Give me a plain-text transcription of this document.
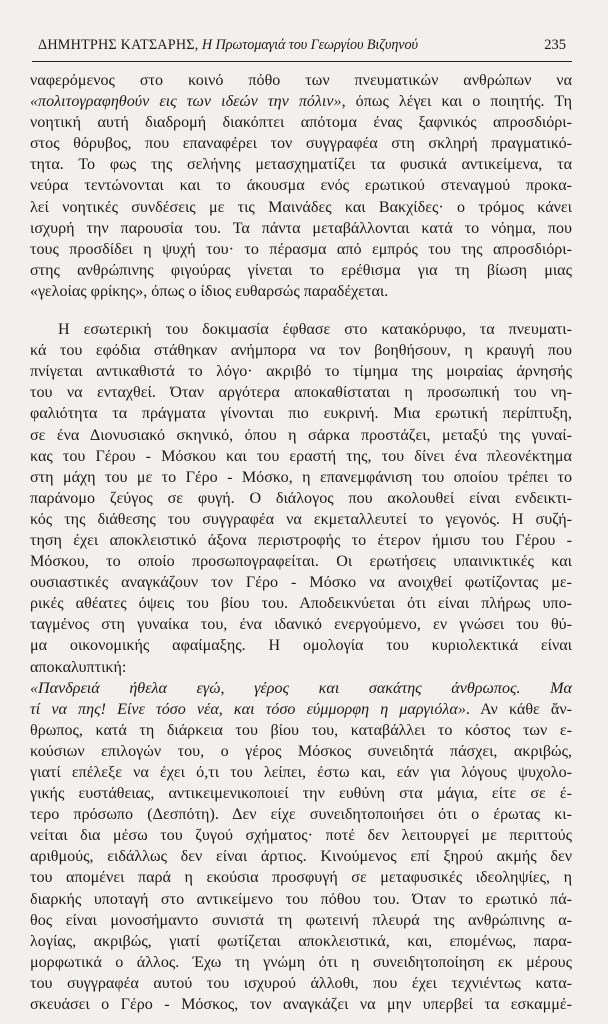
ΔΗΜΗΤΡΗΣ ΚΑΤΣΑΡΗΣ, Η Πρωτομαγιά του Γεωργίου Βιζυηνού	235
ναφερόμενος στο κοινό πόθο των πνευματικών ανθρώπων να
«πολιτογραφηθούν εις των ιδεών την πόλιν», όπως λέγει και ο ποιητής. Τη
νοητική αυτή διαδρομή διακόπτει απότομα ένας ξαφνικός απροσδιόρι-
στος θόρυβος, που επαναφέρει τον συγγραφέα στη σκληρή πραγματικό-
τητα. Το φως της σελήνης μετασχηματίζει τα φυσικά αντικείμενα, τα
νεύρα τεντώνονται και το άκουσμα ενός ερωτικού στεναγμού προκα-
λεί νοητικές συνδέσεις με τις Μαινάδες και Βακχίδες· ο τρόμος κάνει
ισχυρή την παρουσία του. Τα πάντα μεταβάλλονται κατά το νόημα, που
τους προσδίδει η ψυχή του· το πέρασμα από εμπρός του της απροσδιόρι-
στης ανθρώπινης φιγούρας γίνεται το ερέθισμα για τη βίωση μιας
«γελοίας φρίκης», όπως ο ίδιος ευθαρσώς παραδέχεται.
Η εσωτερική του δοκιμασία έφθασε στο κατακόρυφο, τα πνευματι-
κά του εφόδια στάθηκαν ανήμπορα να τον βοηθήσουν, η κραυγή που
πνίγεται αντικαθιστά το λόγο· ακριβό το τίμημα της μοιραίας άρνησής
του να ενταχθεί. Όταν αργότερα αποκαθίσταται η προσωπική του νη-
φαλιότητα τα πράγματα γίνονται πιο ευκρινή. Μια ερωτική περίπτυξη,
σε ένα Διονυσιακό σκηνικό, όπου η σάρκα προστάζει, μεταξύ της γυναί-
κας του Γέρου - Μόσκου και του εραστή της, του δίνει ένα πλεονέκτημα
στη μάχη του με το Γέρο - Μόσκο, η επανεμφάνιση του οποίου τρέπει το
παράνομο ζεύγος σε φυγή. Ο διάλογος που ακολουθεί είναι ενδεικτι-
κός της διάθεσης του συγγραφέα να εκμεταλλευτεί το γεγονός. Η συζή-
τηση έχει αποκλειστικό άξονα περιστροφής το έτερον ήμισυ του Γέρου -
Μόσκου, το οποίο προσωπογραφείται. Οι ερωτήσεις υπαινικτικές και
ουσιαστικές αναγκάζουν τον Γέρο - Μόσκο να ανοιχθεί φωτίζοντας με-
ρικές αθέατες όψεις του βίου του. Αποδεικνύεται ότι είναι πλήρως υπο-
ταγμένος στη γυναίκα του, ένα ιδανικό ενεργούμενο, εν γνώσει του θύ-
μα οικονομικής αφαίμαξης. Η ομολογία του κυριολεκτικά είναι
αποκαλυπτική:
«Πανδρειά ήθελα εγώ, γέρος και σακάτης άνθρωπος. Μα
τί να πης! Είνε τόσο νέα, και τόσο εύμμορφη η μαργιόλα». Αν κάθε ἄν-
θρωπος, κατά τη διάρκεια του βίου του, καταβάλλει το κόστος των ε-
κούσιων επιλογών του, ο γέρος Μόσκος συνειδητά πάσχει, ακριβώς,
γιατί επέλεξε να έχει ό,τι του λείπει, έστω και, εάν για λόγους ψυχολο-
γικής ευστάθειας, αντικειμενικοποιεί την ευθύνη στα μάγια, είτε σε έ-
τερο πρόσωπο (Δεσπότη). Δεν είχε συνειδητοποιήσει ότι ο έρωτας κι-
νείται δια μέσω του ζυγού σχήματος· ποτέ δεν λειτουργεί με περιττούς
αριθμούς, ειδάλλως δεν είναι άρτιος. Κινούμενος επί ξηρού ακμής δεν
του απομένει παρά η εκούσια προσφυγή σε μεταφυσικές ιδεοληψίες, η
διαρκής υποταγή στο αντικείμενο του πόθου του. Όταν το ερωτικό πά-
θος είναι μονοσήμαντο συνιστά τη φωτεινή πλευρά της ανθρώπινης α-
λογίας, ακριβώς, γιατί φωτίζεται αποκλειστικά, και, επομένως, παρα-
μορφωτικά ο άλλος. Έχω τη γνώμη ότι η συνειδητοποίηση εκ μέρους
του συγγραφέα αυτού του ισχυρού άλλοθι, που έχει τεχνιέντως κατα-
σκευάσει ο Γέρο - Μόσκος, τον αναγκάζει να μην υπερβεί τα εσκαμμέ-
